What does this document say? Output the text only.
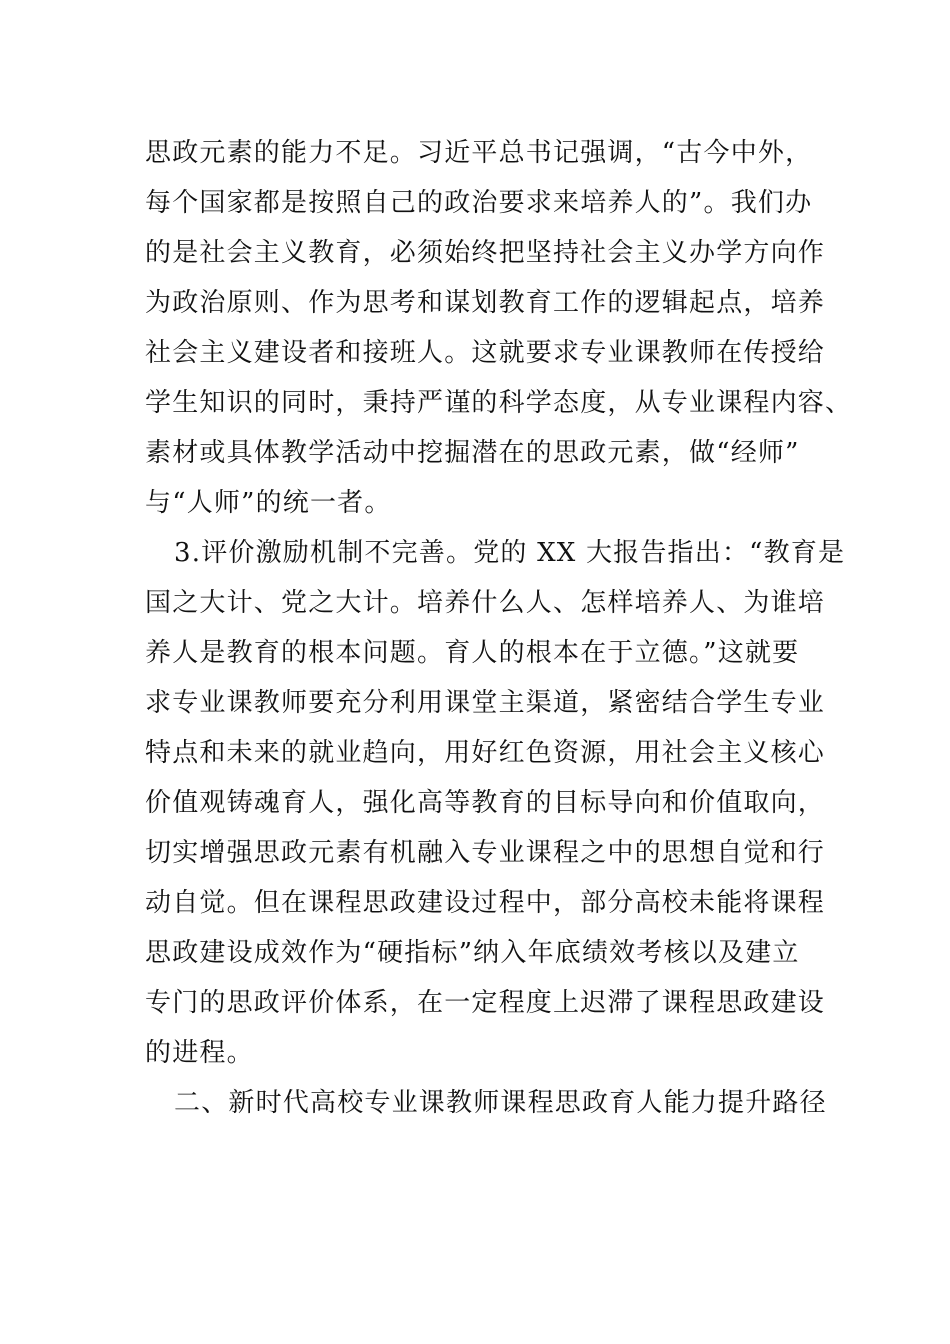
思政元素的能力不足。习近平总书记强调，“古今中外，
每个国家都是按照自己的政治要求来培养人的”。我们办
的是社会主义教育，必须始终把坚持社会主义办学方向作
为政治原则、作为思考和谋划教育工作的逻辑起点，培养
社会主义建设者和接班人。这就要求专业课教师在传授给
学生知识的同时，秉持严谨的科学态度，从专业课程内容、
素材或具体教学活动中挖掘潜在的思政元素，做“经师”
与“人师”的统一者。
3.评价激励机制不完善。党的 XX 大报告指出：“教育是
国之大计、党之大计。培养什么人、怎样培养人、为谁培
养人是教育的根本问题。育人的根本在于立德。”这就要
求专业课教师要充分利用课堂主渠道，紧密结合学生专业
特点和未来的就业趋向，用好红色资源，用社会主义核心
价值观铸魂育人，强化高等教育的目标导向和价值取向，
切实增强思政元素有机融入专业课程之中的思想自觉和行
动自觉。但在课程思政建设过程中，部分高校未能将课程
思政建设成效作为“硬指标”纳入年底绩效考核以及建立
专门的思政评价体系，在一定程度上迟滞了课程思政建设
的进程。
二、新时代高校专业课教师课程思政育人能力提升路径
